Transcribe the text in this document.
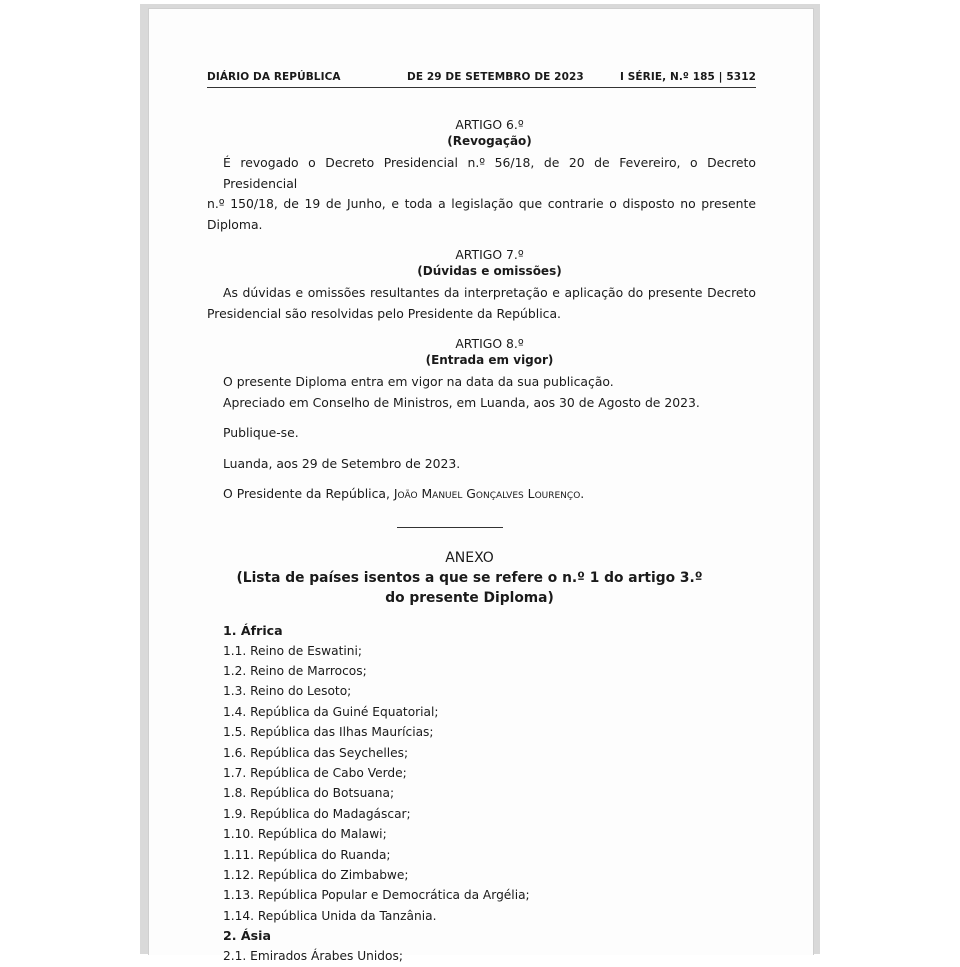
DIÁRIO DA REPÚBLICA	DE 29 DE SETEMBRO DE 2023	I SÉRIE, N.º 185 | 5312
ARTIGO 6.º
(Revogação)
É revogado o Decreto Presidencial n.º 56/18, de 20 de Fevereiro, o Decreto Presidencial
n.º 150/18, de 19 de Junho, e toda a legislação que contrarie o disposto no presente Diploma.
ARTIGO 7.º
(Dúvidas e omissões)
As dúvidas e omissões resultantes da interpretação e aplicação do presente Decreto
Presidencial são resolvidas pelo Presidente da República.
ARTIGO 8.º
(Entrada em vigor)
O presente Diploma entra em vigor na data da sua publicação.
Apreciado em Conselho de Ministros, em Luanda, aos 30 de Agosto de 2023.
Publique-se.
Luanda, aos 29 de Setembro de 2023.
O Presidente da República, João Manuel Gonçalves Lourenço.
ANEXO
(Lista de países isentos a que se refere o n.º 1 do artigo 3.º
do presente Diploma)
1. África
1.1. Reino de Eswatini;
1.2. Reino de Marrocos;
1.3. Reino do Lesoto;
1.4. República da Guiné Equatorial;
1.5. República das Ilhas Maurícias;
1.6. República das Seychelles;
1.7. República de Cabo Verde;
1.8. República do Botsuana;
1.9. República do Madagáscar;
1.10. República do Malawi;
1.11. República do Ruanda;
1.12. República do Zimbabwe;
1.13. República Popular e Democrática da Argélia;
1.14. República Unida da Tanzânia.
2. Ásia
2.1. Emirados Árabes Unidos;
